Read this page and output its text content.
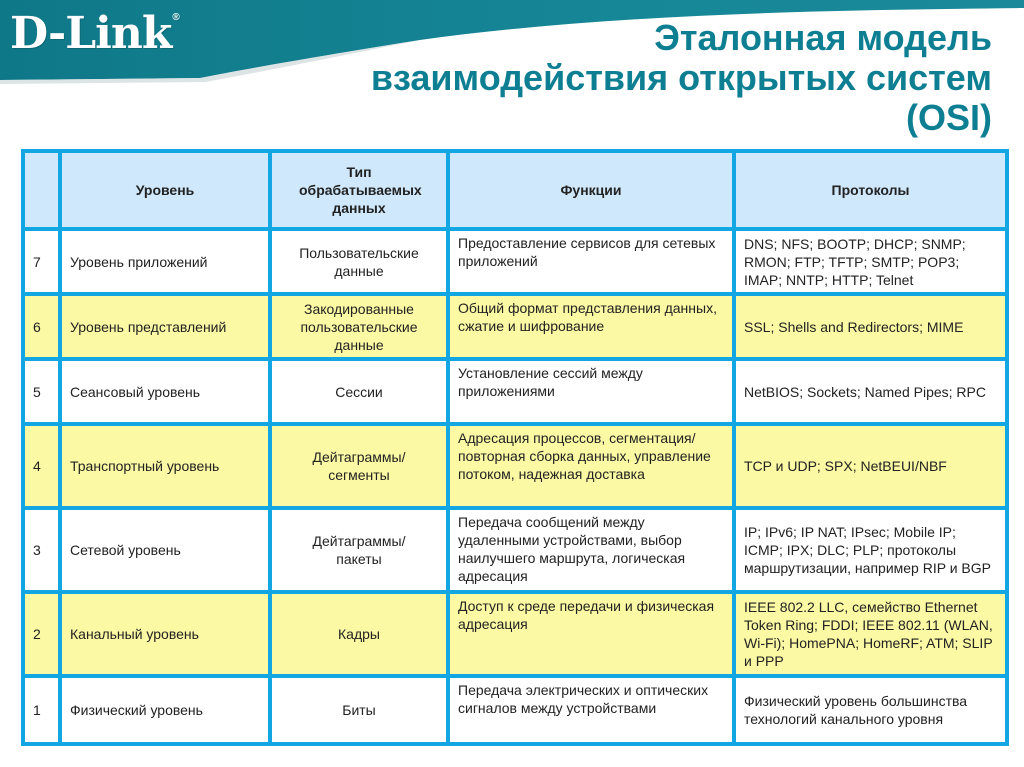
D-Link®	Эталонная модель
взаимодействия открытых систем
(OSI)
	Уровень	Тип обрабатываемых данных	Функции	Протоколы
7	Уровень приложений	Пользовательские данные	Предоставление сервисов для сетевых приложений	DNS; NFS; BOOTP; DHCP; SNMP; RMON; FTP; TFTP; SMTP; POP3; IMAP; NNTP; HTTP; Telnet
6	Уровень представлений	Закодированные пользовательские данные	Общий формат представления данных, сжатие и шифрование	SSL; Shells and Redirectors; MIME
5	Сеансовый уровень	Сессии	Установление сессий между приложениями	NetBIOS; Sockets; Named Pipes; RPC
4	Транспортный уровень	Дейтаграммы/ сегменты	Адресация процессов, сегментация/ повторная сборка данных, управление потоком, надежная доставка	TCP и UDP; SPX; NetBEUI/NBF
3	Сетевой уровень	Дейтаграммы/ пакеты	Передача сообщений между удаленными устройствами, выбор наилучшего маршрута, логическая адресация	IP; IPv6; IP NAT; IPsec; Mobile IP; ICMP; IPX; DLC; PLP; протоколы маршрутизации, например RIP и BGP
2	Канальный уровень	Кадры	Доступ к среде передачи и физическая адресация	IEEE 802.2 LLC, семейство Ethernet Token Ring; FDDI; IEEE 802.11 (WLAN, Wi-Fi); HomePNA; HomeRF; ATM; SLIP и PPP
1	Физический уровень	Биты	Передача электрических и оптических сигналов между устройствами	Физический уровень большинства технологий канального уровня
